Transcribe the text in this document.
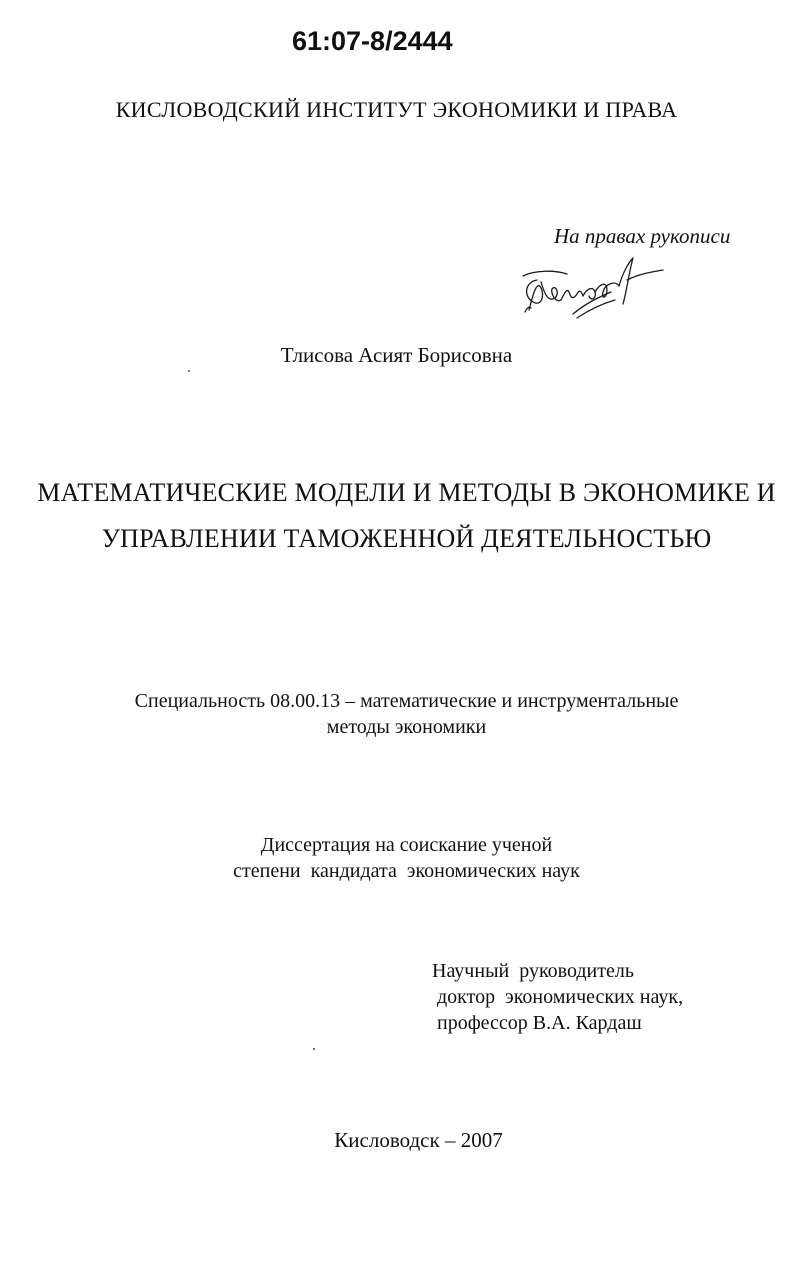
61:07-8/2444
КИСЛОВОДСКИЙ ИНСТИТУТ ЭКОНОМИКИ И ПРАВА
На правах рукописи
Тлисова Асият Борисовна
МАТЕМАТИЧЕСКИЕ МОДЕЛИ И МЕТОДЫ В ЭКОНОМИКЕ И
УПРАВЛЕНИИ ТАМОЖЕННОЙ ДЕЯТЕЛЬНОСТЬЮ
Специальность 08.00.13 – математические и инструментальные
методы экономики
Диссертация на соискание ученой
степени  кандидата  экономических наук
Научный  руководитель
доктор  экономических наук,
профессор В.А. Кардаш
Кисловодск – 2007
